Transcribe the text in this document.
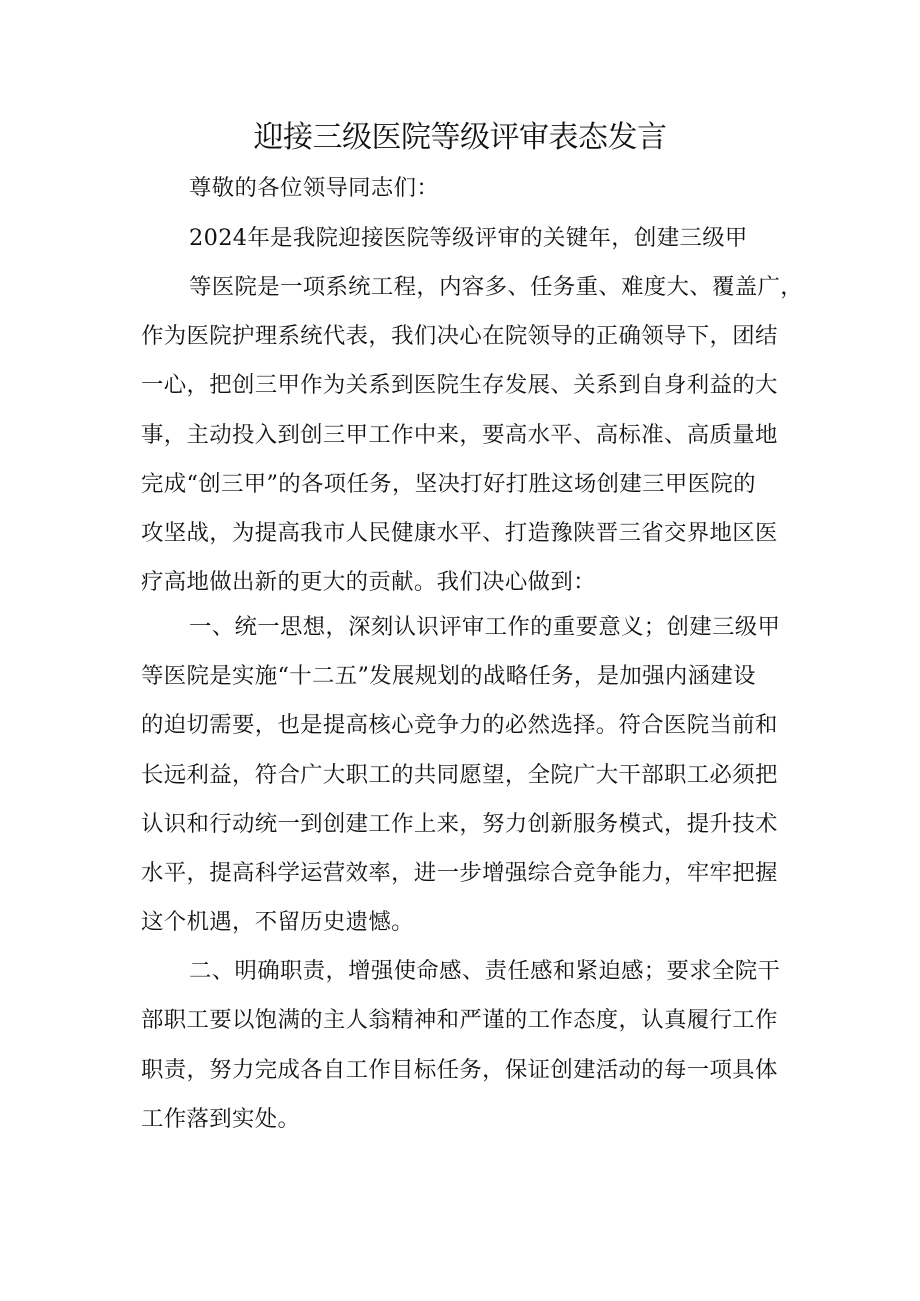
迎接三级医院等级评审表态发言
尊敬的各位领导同志们：
2024年是我院迎接医院等级评审的关键年，创建三级甲
等医院是一项系统工程，内容多、任务重、难度大、覆盖广，
作为医院护理系统代表，我们决心在院领导的正确领导下，团结
一心，把创三甲作为关系到医院生存发展、关系到自身利益的大
事，主动投入到创三甲工作中来，要高水平、高标准、高质量地
完成“创三甲”的各项任务，坚决打好打胜这场创建三甲医院的
攻坚战，为提高我市人民健康水平、打造豫陕晋三省交界地区医
疗高地做出新的更大的贡献。我们决心做到：
一、统一思想，深刻认识评审工作的重要意义；创建三级甲
等医院是实施“十二五”发展规划的战略任务，是加强内涵建设
的迫切需要，也是提高核心竞争力的必然选择。符合医院当前和
长远利益，符合广大职工的共同愿望，全院广大干部职工必须把
认识和行动统一到创建工作上来，努力创新服务模式，提升技术
水平，提高科学运营效率，进一步增强综合竞争能力，牢牢把握
这个机遇，不留历史遗憾。
二、明确职责，增强使命感、责任感和紧迫感；要求全院干
部职工要以饱满的主人翁精神和严谨的工作态度，认真履行工作
职责，努力完成各自工作目标任务，保证创建活动的每一项具体
工作落到实处。
